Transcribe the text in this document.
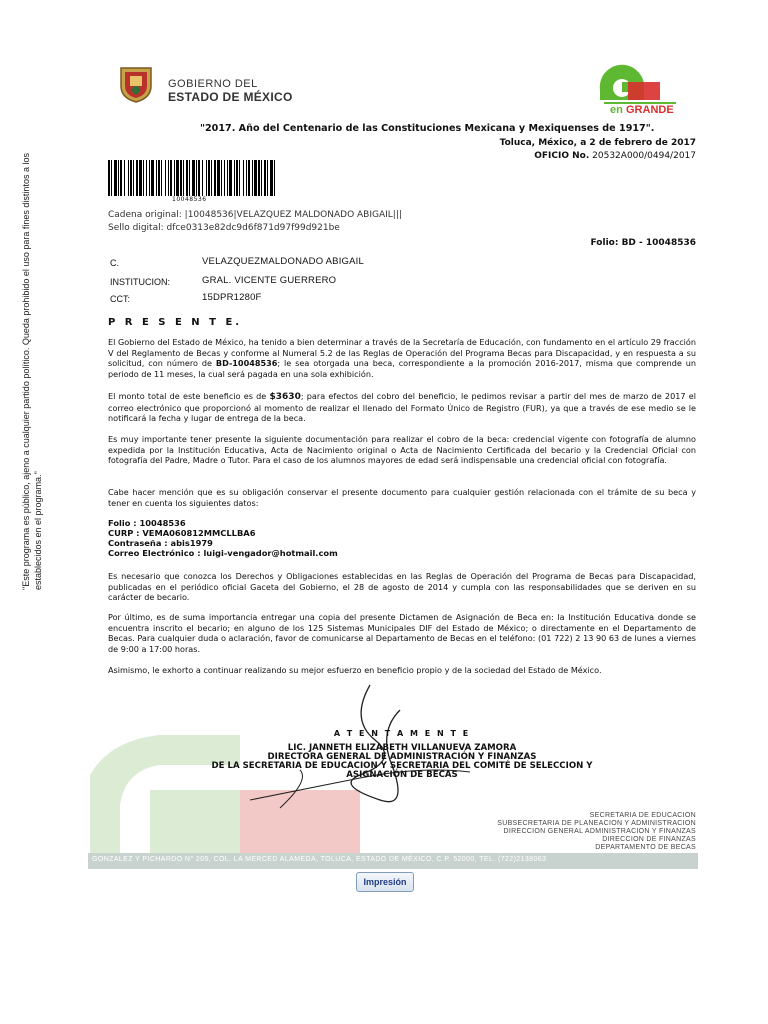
"Este programa es público, ajeno a cualquier partido político. Queda prohibido el uso para fines distintos a los establecidos en el programa."
GOBIERNO DEL
ESTADO DE MÉXICO
en GRANDE
"2017. Año del Centenario de las Constituciones Mexicana y Mexiquenses de 1917".
Toluca, México, a 2 de febrero de 2017
OFICIO No. 20532A000/0494/2017
10048536
Cadena original: |10048536|VELAZQUEZ MALDONADO ABIGAIL|||
Sello digital: dfce0313e82dc9d6f871d97f99d921be
Folio: BD - 10048536
C.	VELAZQUEZMALDONADO ABIGAIL
INSTITUCION:	GRAL. VICENTE GUERRERO
CCT:	15DPR1280F
P R E S E N T E.
El Gobierno del Estado de México, ha tenido a bien determinar a través de la Secretaría de Educación, con fundamento en el artículo 29 fracción V del Reglamento de Becas y conforme al Numeral 5.2 de las Reglas de Operación del Programa Becas para Discapacidad, y en respuesta a su solicitud, con número de BD-10048536; le sea otorgada una beca, correspondiente a la promoción 2016-2017, misma que comprende un periodo de 11 meses, la cual será pagada en una sola exhibición.
El monto total de este beneficio es de $3630; para efectos del cobro del beneficio, le pedimos revisar a partir del mes de marzo de 2017 el correo electrónico que proporcionó al momento de realizar el llenado del Formato Único de Registro (FUR), ya que a través de ese medio se le notificará la fecha y lugar de entrega de la beca.
Es muy importante tener presente la siguiente documentación para realizar el cobro de la beca: credencial vigente con fotografía de alumno expedida por la Institución Educativa, Acta de Nacimiento original o Acta de Nacimiento Certificada del becario y la Credencial Oficial con fotografía del Padre, Madre o Tutor. Para el caso de los alumnos mayores de edad será indispensable una credencial oficial con fotografía.
Cabe hacer mención que es su obligación conservar el presente documento para cualquier gestión relacionada con el trámite de su beca y tener en cuenta los siguientes datos:
Folio : 10048536
CURP : VEMA060812MMCLLBA6
Contraseña : abis1979
Correo Electrónico : luigi-vengador@hotmail.com
Es necesario que conozca los Derechos y Obligaciones establecidas en las Reglas de Operación del Programa de Becas para Discapacidad, publicadas en el periódico oficial Gaceta del Gobierno, el 28 de agosto de 2014 y cumpla con las responsabilidades que se deriven en su carácter de becario.
Por último, es de suma importancia entregar una copia del presente Dictamen de Asignación de Beca en: la Institución Educativa donde se encuentra inscrito el becario; en alguno de los 125 Sistemas Municipales DIF del Estado de México; o directamente en el Departamento de Becas. Para cualquier duda o aclaración, favor de comunicarse al Departamento de Becas en el teléfono: (01 722) 2 13 90 63 de lunes a viernes de 9:00 a 17:00 horas.
Asimismo, le exhorto a continuar realizando su mejor esfuerzo en beneficio propio y de la sociedad del Estado de México.
A T E N T A M E N T E
LIC. JANNETH ELIZABETH VILLANUEVA ZAMORA
DIRECTORA GENERAL DE ADMINISTRACIÓN Y FINANZAS
DE LA SECRETARIA DE EDUCACION Y SECRETARIA DEL COMITÉ DE SELECCION Y
ASIGNACIÓN DE BECAS
SECRETARIA DE EDUCACION
SUBSECRETARIA DE PLANEACION Y ADMINISTRACION
DIRECCION GENERAL ADMINISTRACION Y FINANZAS
DIRECCION DE FINANZAS
DEPARTAMENTO DE BECAS
GONZALEZ Y PICHARDO N° 205, COL. LA MERCED ALAMEDA, TOLUCA, ESTADO DE MÉXICO, C.P. 52000, TEL. (722)2138063
Impresión
